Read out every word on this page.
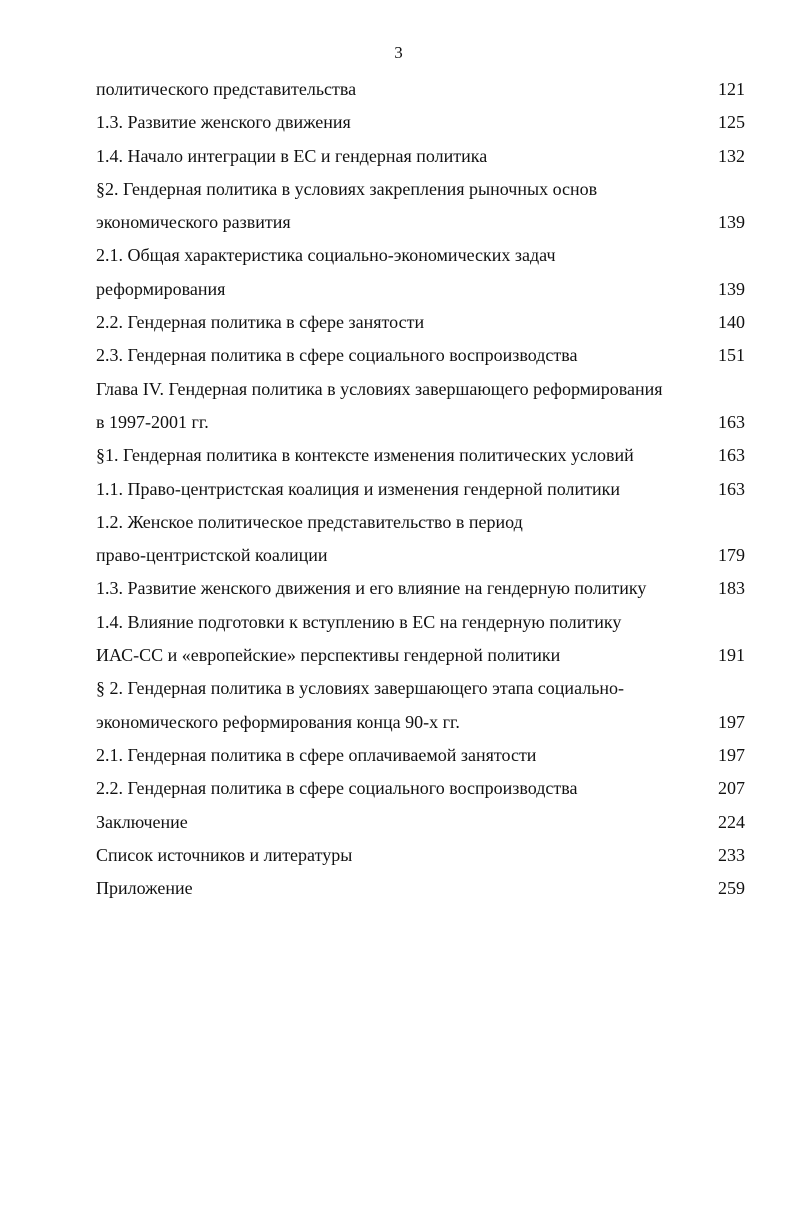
3
политического представительства	121
1.3. Развитие женского движения	125
1.4. Начало интеграции в ЕС и гендерная политика	132
§2. Гендерная политика в условиях закрепления рыночных основ
экономического развития	139
2.1. Общая характеристика социально-экономических задач
реформирования	139
2.2. Гендерная политика в сфере занятости	140
2.3. Гендерная политика в сфере социального воспроизводства	151
Глава IV. Гендерная политика в условиях завершающего реформирования
в 1997-2001 гг.	163
§1. Гендерная политика в контексте изменения политических условий	163
1.1. Право-центристская коалиция и изменения гендерной политики	163
1.2. Женское политическое представительство в период
право-центристской коалиции	179
1.3. Развитие женского движения и его влияние на гендерную политику	183
1.4. Влияние подготовки к вступлению в ЕС на гендерную политику
ИАС-СС и «европейские» перспективы гендерной политики	191
§ 2. Гендерная политика в условиях завершающего этапа социально-
экономического реформирования конца 90-х гг.	197
2.1. Гендерная политика в сфере оплачиваемой занятости	197
2.2. Гендерная политика в сфере социального воспроизводства	207
Заключение	224
Список источников и литературы	233
Приложение	259
